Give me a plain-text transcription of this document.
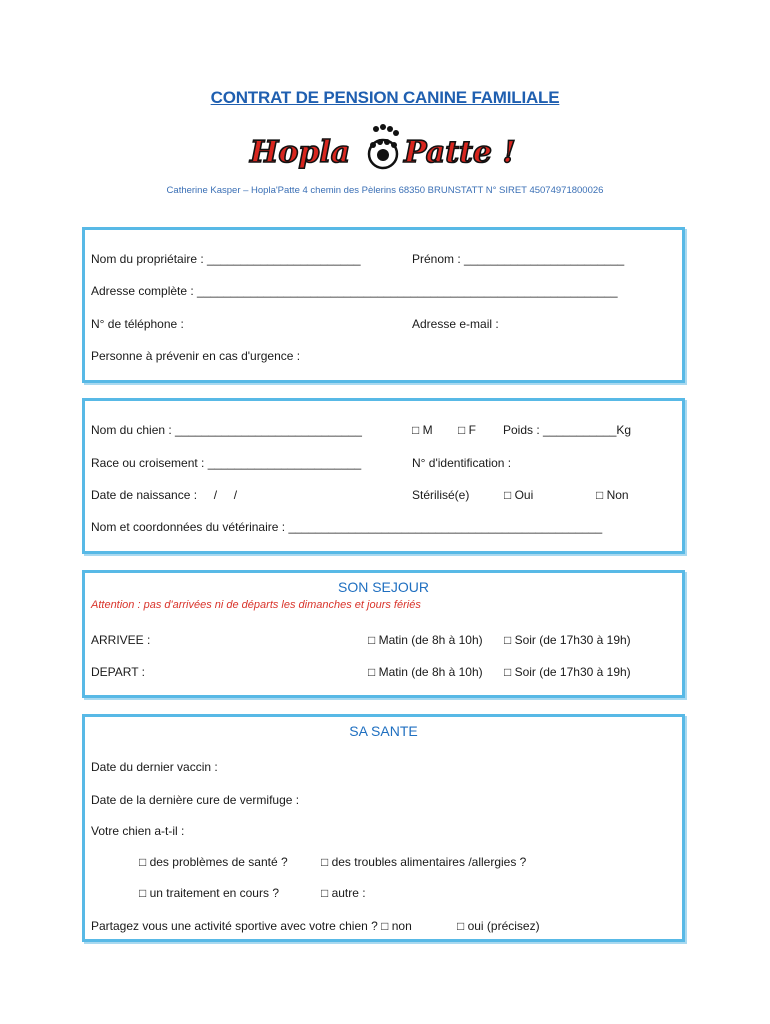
CONTRAT DE PENSION CANINE FAMILIALE
Hopla Patte !
Catherine Kasper – Hopla'Patte 4 chemin des Pèlerins 68350 BRUNSTATT N° SIRET 45074971800026
Nom du propriétaire : _______________________	Prénom : ________________________
Adresse complète : _______________________________________________________________
N° de téléphone :	Adresse e-mail :
Personne à prévenir en cas d'urgence :
Nom du chien : ____________________________	□ M □ F Poids : ___________Kg
Race ou croisement : _______________________	N° d'identification :
Date de naissance :     /     /	Stérilisé(e)	□ Oui	□ Non
Nom et coordonnées du vétérinaire : _______________________________________________
SON SEJOUR
Attention : pas d'arrivées ni de départs les dimanches et jours fériés
ARRIVEE :	□ Matin (de 8h à 10h) □ Soir (de 17h30 à 19h)
DEPART :	□ Matin (de 8h à 10h) □ Soir (de 17h30 à 19h)
SA SANTE
Date du dernier vaccin :
Date de la dernière cure de vermifuge :
Votre chien a-t-il :
□ des problèmes de santé ?	□ des troubles alimentaires /allergies ?
□ un traitement en cours ?	□ autre :
Partagez vous une activité sportive avec votre chien ? □ non	□ oui (précisez)
